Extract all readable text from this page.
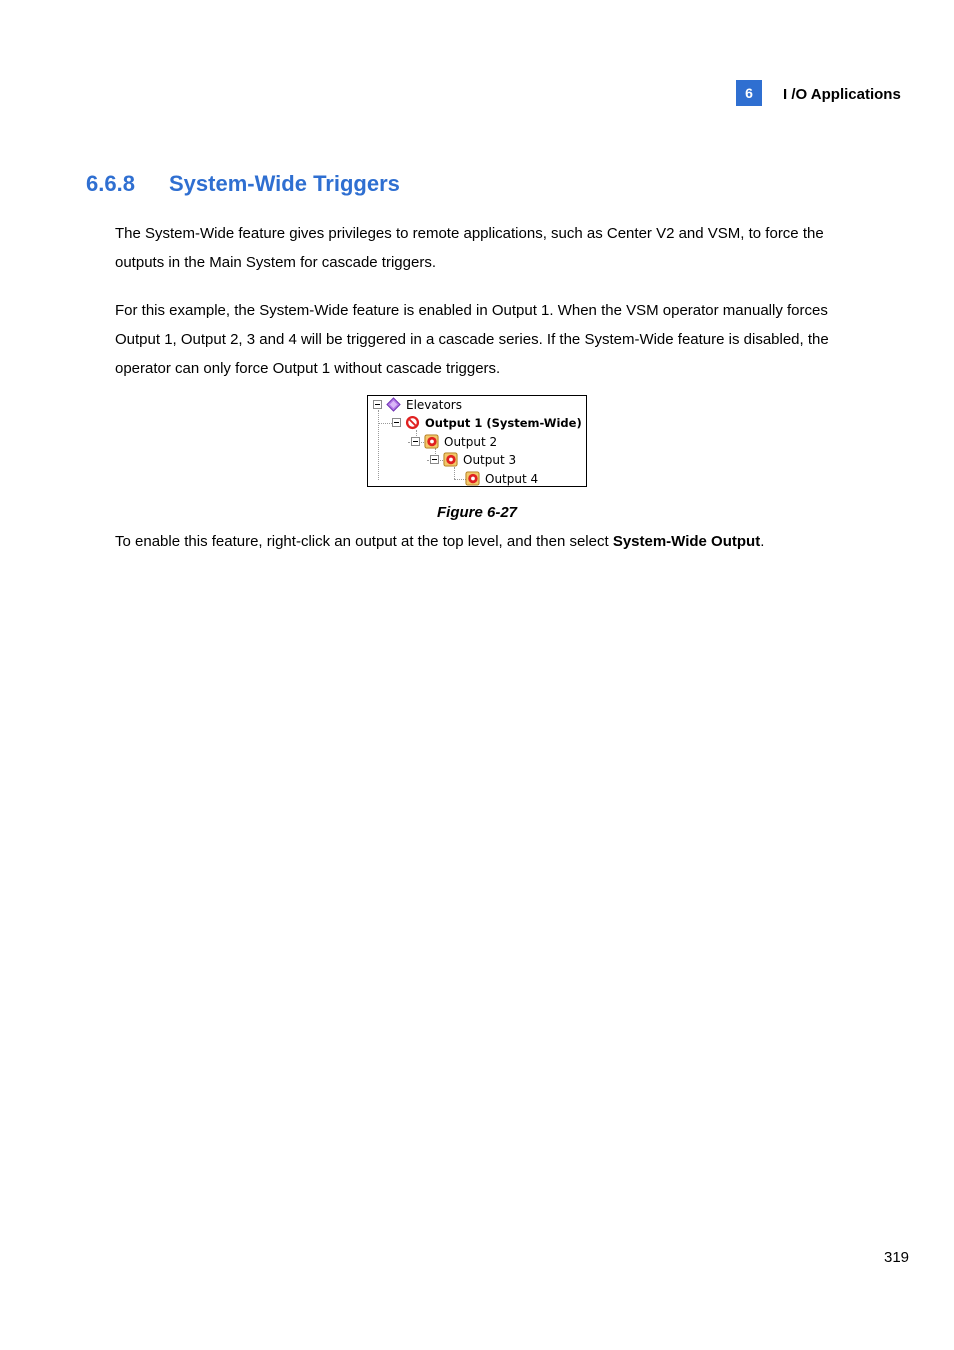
6	I /O Applications
6.6.8 System-Wide Triggers

The System-Wide feature gives privileges to remote applications, such as Center V2 and VSM, to force the outputs in the Main System for cascade triggers.

For this example, the System-Wide feature is enabled in Output 1. When the VSM operator manually forces Output 1, Output 2, 3 and 4 will be triggered in a cascade series. If the System-Wide feature is disabled, the operator can only force Output 1 without cascade triggers.

Elevators
Output 1 (System-Wide)
Output 2
Output 3
Output 4
Figure 6-27

To enable this feature, right-click an output at the top level, and then select System-Wide Output.

319
